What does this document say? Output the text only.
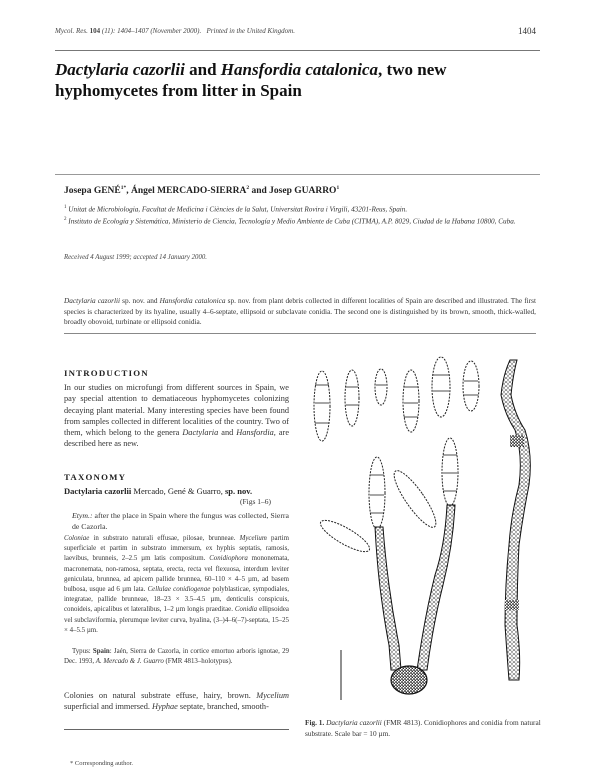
Mycol. Res. 104 (11): 1404–1407 (November 2000). Printed in the United Kingdom.	1404
Dactylaria cazorlii and Hansfordia catalonica, two new hyphomycetes from litter in Spain
Josepa $GENÉ^{1*}$, Ángel MERCADO-SIERRA$^2$ and Josep GUARRO$^1$
$^1$ Unitat de Microbiologia, Facultat de Medicina i Ciències de la Salut, Universitat Rovira i Virgili, 43201-Reus, Spain.
$^2$ Instituto de Ecología y Sistemática, Ministerio de Ciencia, Tecnología y Medio Ambiente de Cuba (CITMA), A.P. 8029, Ciudad de la Habana 10800, Cuba.
Received 4 August 1999; accepted 14 January 2000.
Dactylaria cazorlii sp. nov. and Hansfordia catalonica sp. nov. from plant debris collected in different localities of Spain are described and illustrated. The first species is characterized by its hyaline, usually 4–6-septate, ellipsoid or subclavate conidia. The second one is distinguished by its brown, smooth, thick-walled, broadly obovoid, turbinate or ellipsoid conidia.
INTRODUCTION
In our studies on microfungi from different sources in Spain, we pay special attention to dematiaceous hyphomycetes colonizing decaying plant material. Many interesting species have been found from samples collected in different localities of the country. Two of them, which belong to the genera Dactylaria and Hansfordia, are described here as new.
TAXONOMY
Dactylaria cazorlii Mercado, Gené & Guarro, sp. nov.
(Figs 1–6)
Etym.: after the place in Spain where the fungus was collected, Sierra de Cazorla.
Coloniae in substrato naturali effusae, pilosae, brunneae. Mycelium partim superficiale et partim in substrato immersum, ex hyphis septatis, ramosis, laevibus, brunneis, 2–2.5 µm latis compositum. Conidiophora mononemata, macronemata, non-ramosa, septata, erecta, recta vel flexuosa, interdum leviter geniculata, brunnea, ad apicem pallide brunnea, 60–110 × 4–5 µm, ad basem bulbosa, usque ad 6 µm lata. Cellulae conidiogenae polyblasticae, sympodiales, integratae, pallide brunneae, 18–23 × 3.5–4.5 µm, denticulis conspicuis, conoideis, apicalibus et lateralibus, 1–2 µm longis praeditae. Conidia ellipsoidea vel subclaviformia, plerumque leviter curva, hyalina, (3–)4–6(–7)-septata, 15–25 × 4–5.5 µm.
Typus: Spain: Jaén, Sierra de Cazorla, in cortice emortuo arboris ignotae, 29 Dec. 1993, A. Mercado & J. Guarro (FMR 4813–holotypus).
Colonies on natural substrate effuse, hairy, brown. Mycelium superficial and immersed. Hyphae septate, branched, smooth-
* Corresponding author.
Fig. 1. Dactylaria cazorlii (FMR 4813). Conidiophores and conidia from natural substrate. Scale bar = 10 µm.
